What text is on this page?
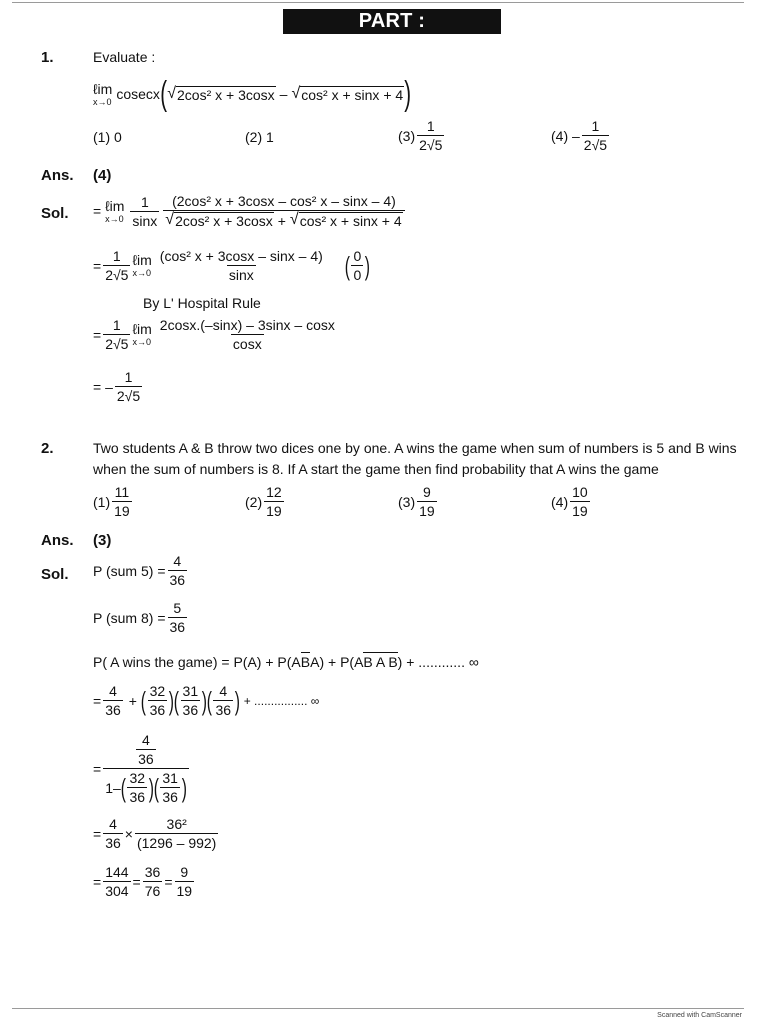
PART : MATHEMATICS
1.	Evaluate :
ℓim
x→0 cosecx ( √ 2cos² x + 3cosx – √ cos² x + sinx + 4 )
(1) 0	(2) 1	$(3) \frac{1}{2√5}$	$(4) - \frac{1}{2√5}$
Ans. (4)
Sol. =
ℓim
$x\to 0 \frac{1}{\sin x} \frac{\text{(2cos² x + 3cosx – cos² x – sinx – 4)}}{\text{√ 2cos² x + 3cosx + √ cos² x + sinx + 4}}$
= $\frac{1}{2√5}$ ℓim
$x\to 0 \frac{\text{(cos² x + 3cosx – sinx – 4)}}{\sin x}$ ( $\frac{0}{0}$ )
By L' Hospital Rule
= $\frac{1}{2√5}$ ℓim
$x\to 0 \frac{2\cos x.(-\sin x) - 3\sin x - \cos x}{\cos x}$
= – $\frac{1}{2√5}$
2.	Two students A & B throw two dices one by one. A wins the game when sum of numbers is 5 and B wins
when the sum of numbers is 8. If A start the game then find probability that A wins the game
$(1) \frac{11}{19}$	$(2) \frac{12}{19}$	$(3) \frac{9}{19}$	$(4) \frac{10}{19}$
Ans. (3)
Sol. P (sum $5) = \frac{4}{36}$
P (sum $8) = \frac{5}{36}$
P( A wins the game) = P(A) + P( A B A ) + P( A B A B ) + ............ ∞
= $\frac{4}{36}$ + ( $\frac{32}{36}$ ) ( $\frac{31}{36}$ ) ( $\frac{4}{36}$ ) + ................ ∞
= $\frac{\frac{4}{36}}{1- ( \frac{32}{36} ) ( \frac{31}{36} )}$
= $\frac{4}{36} \times \frac{\text{36²}}{(1296 - 992)}$
= $\frac{144}{304} = \frac{36}{76} = \frac{9}{19}$
Scanned with CamScanner
